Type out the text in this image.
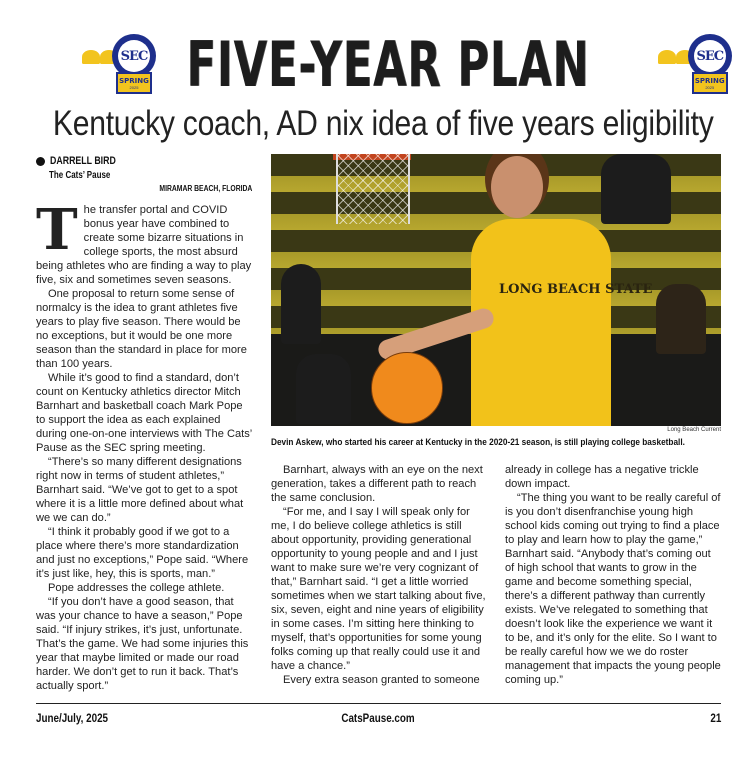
SEC
SPRING
2025 FIVE-YEAR PLAN	SEC
SPRING
2025
Kentucky coach, AD nix idea of five years eligibility
DARRELL BIRD
The Cats’ Pause
MIRAMAR BEACH, FLORIDA
T he transfer portal and COVID bonus year have combined to create some bizarre situations in college sports, the most absurd being athletes who are finding a way to play five, six and sometimes seven seasons.

One proposal to return some sense of normalcy is the idea to grant athletes five years to play five season. There would be no exceptions, but it would be one more season than the standard in place for more than 100 years.

While it’s good to find a standard, don’t count on Kentucky athletics director Mitch Barnhart and basketball coach Mark Pope to support the idea as each explained during one-on-one interviews with The Cats’ Pause as the SEC spring meeting.

“There’s so many different designations right now in terms of student athletes,” Barnhart said. “We’ve got to get to a spot where it is a little more defined about what we we can do.”

“I think it probably good if we got to a place where there’s more standardization and just no exceptions,” Pope said. “Where it’s just like, hey, this is sports, man.”

Pope addresses the college athlete.

“If you don’t have a good season, that was your chance to have a season,” Pope said. “If injury strikes, it’s just, unfortunate. That’s the game. We had some injuries this year that maybe limited or made our road harder. We don’t get to run it back. That’s actually sport.”

LONG BEACH STATE
Long Beach Current
Devin Askew, who started his career at Kentucky in the 2020-21 season, is still playing college basketball.

Barnhart, always with an eye on the next generation, takes a different path to reach the same conclusion.

“For me, and I say I will speak only for me, I do believe college athletics is still about opportunity, providing generational opportunity to young people and and I just want to make sure we’re very cognizant of that,” Barnhart said. “I get a little worried sometimes when we start talking about five, six, seven, eight and nine years of eligibility in some cases. I’m sitting here thinking to myself, that’s opportunities for some young folks coming up that really could use it and have a chance.”

Every extra season granted to someone

already in college has a negative trickle down impact.

“The thing you want to be really careful of is you don’t disenfranchise young high school kids coming out trying to find a place to play and learn how to play the game,” Barnhart said. “Anybody that’s coming out of high school that wants to grow in the game and become something special, there’s a different pathway than currently exists. We’ve relegated to something that doesn’t look like the experience we want it to be, and it’s only for the elite. So I want to be really careful how we we do roster management that impacts the young people coming up.”

June/July, 2025	CatsPause.com	21
